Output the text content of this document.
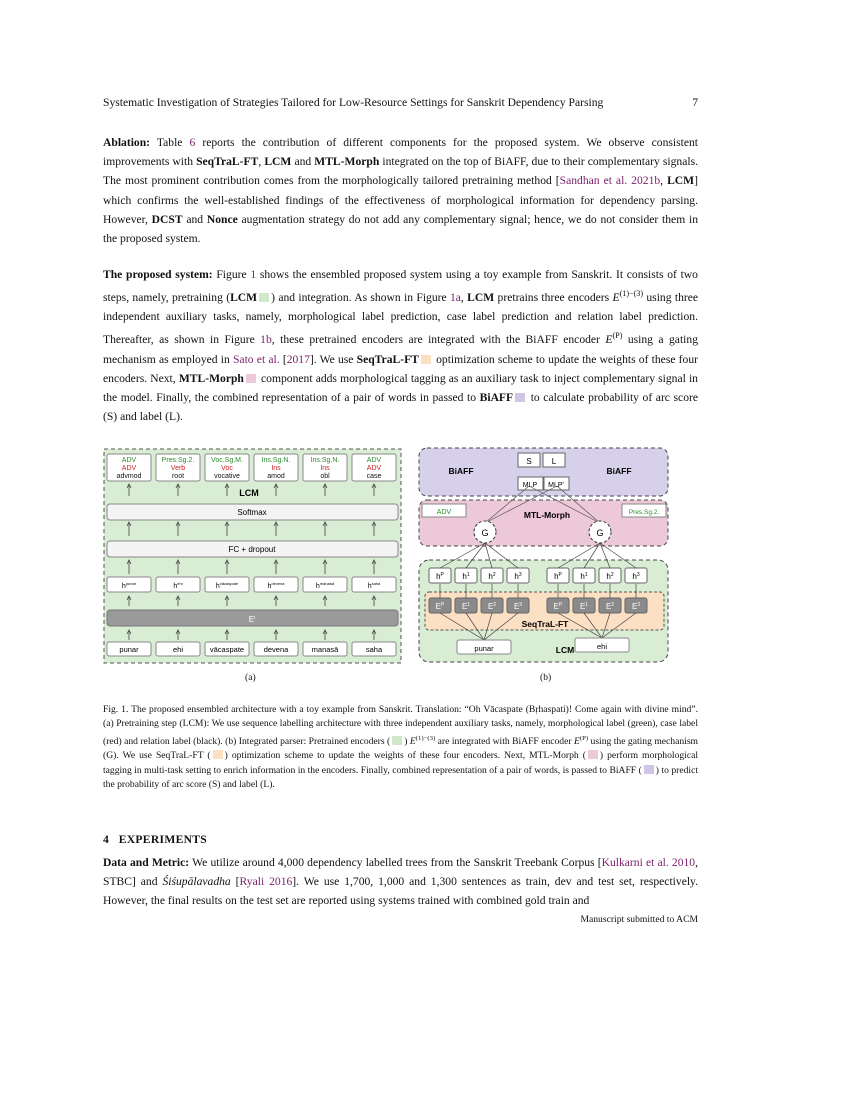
Systematic Investigation of Strategies Tailored for Low-Resource Settings for Sanskrit Dependency Parsing	7

Ablation: Table 6 reports the contribution of different components for the proposed system. We observe consistent improvements with SeqTraL-FT, LCM and MTL-Morph integrated on the top of BiAFF, due to their complementary signals. The most prominent contribution comes from the morphologically tailored pretraining method [Sandhan et al. 2021b, LCM] which confirms the well-established findings of the effectiveness of morphological information for dependency parsing. However, DCST and Nonce augmentation strategy do not add any complementary signal; hence, we do not consider them in the proposed system.

The proposed system: Figure 1 shows the ensembled proposed system using a toy example from Sanskrit. It consists of two steps, namely, pretraining (LCM ) and integration. As shown in Figure 1a, LCM pretrains three encoders $E^{(1)-(3)}$ using three independent auxiliary tasks, namely, morphological label prediction, case label prediction and relation label prediction. Thereafter, as shown in Figure 1b, these pretrained encoders are integrated with the BiAFF encoder $E^{(P)}$ using a gating mechanism as employed in Sato et al. [2017]. We use SeqTraL-FT optimization scheme to update the weights of these four encoders. Next, MTL-Morph component adds morphological tagging as an auxiliary task to inject complementary signal in the model. Finally, the combined representation of a pair of words in passed to BiAFF to calculate probability of arc score (S) and label (L).

ADV
ADV
advmod
$h^{punar}$
punar
Pres.Sg.2.
Verb
root
$h^{ehi}$
ehi
Voc.Sg.M.
Voc
vocative
$h^{vācaspate}$
vācaspate
Ins.Sg.N.
Ins
amod
$h^{devena}$
devena
Ins.Sg.N.
Ins
obl
$h^{manasā}$
manasā
ADV
ADV
case
$h^{saha}$
saha
LCM
Softmax
FC + dropout
$E^i$
(a)
BiAFF	BiAFF
S	L
MLP MLP'
MTL-Morph
ADV	Pres.Sg.2.
G	G
SeqTraL-FT
$h^P$
$E^P$
$h^1$
$E^1$
$h^2$
$E^2$
$h^3$
$E^3$
$h^P$
$E^P$
$h^1$
$E^1$
$h^2$
$E^2$
$h^3$
$E^3$
punar	LCM	ehi
(b)

Fig. 1. The proposed ensembled architecture with a toy example from Sanskrit. Translation: “Oh Vācaspate (Bṛhaspati)! Come again with divine mind”. (a) Pretraining step (LCM): We use sequence labelling architecture with three independent auxiliary tasks, namely, morphological label (green), case label (red) and relation label (black). (b) Integrated parser: Pretrained encoders ( ) $E^{(1)-(3)}$ are integrated with BiAFF encoder $E^{(P)}$ using the gating mechanism (G). We use SeqTraL-FT ( ) optimization scheme to update the weights of these four encoders. Next, MTL-Morph ( ) perform morphological tagging in multi-task setting to enrich information in the encoders. Finally, combined representation of a pair of words, is passed to BiAFF ( ) to predict the probability of arc score (S) and label (L).

4 EXPERIMENTS

Data and Metric: We utilize around 4,000 dependency labelled trees from the Sanskrit Treebank Corpus [Kulkarni et al. 2010, STBC] and Śiśupālavadha [Ryali 2016]. We use 1,700, 1,000 and 1,300 sentences as train, dev and test set, respectively. However, the final results on the test set are reported using systems trained with combined gold train and

Manuscript submitted to ACM
